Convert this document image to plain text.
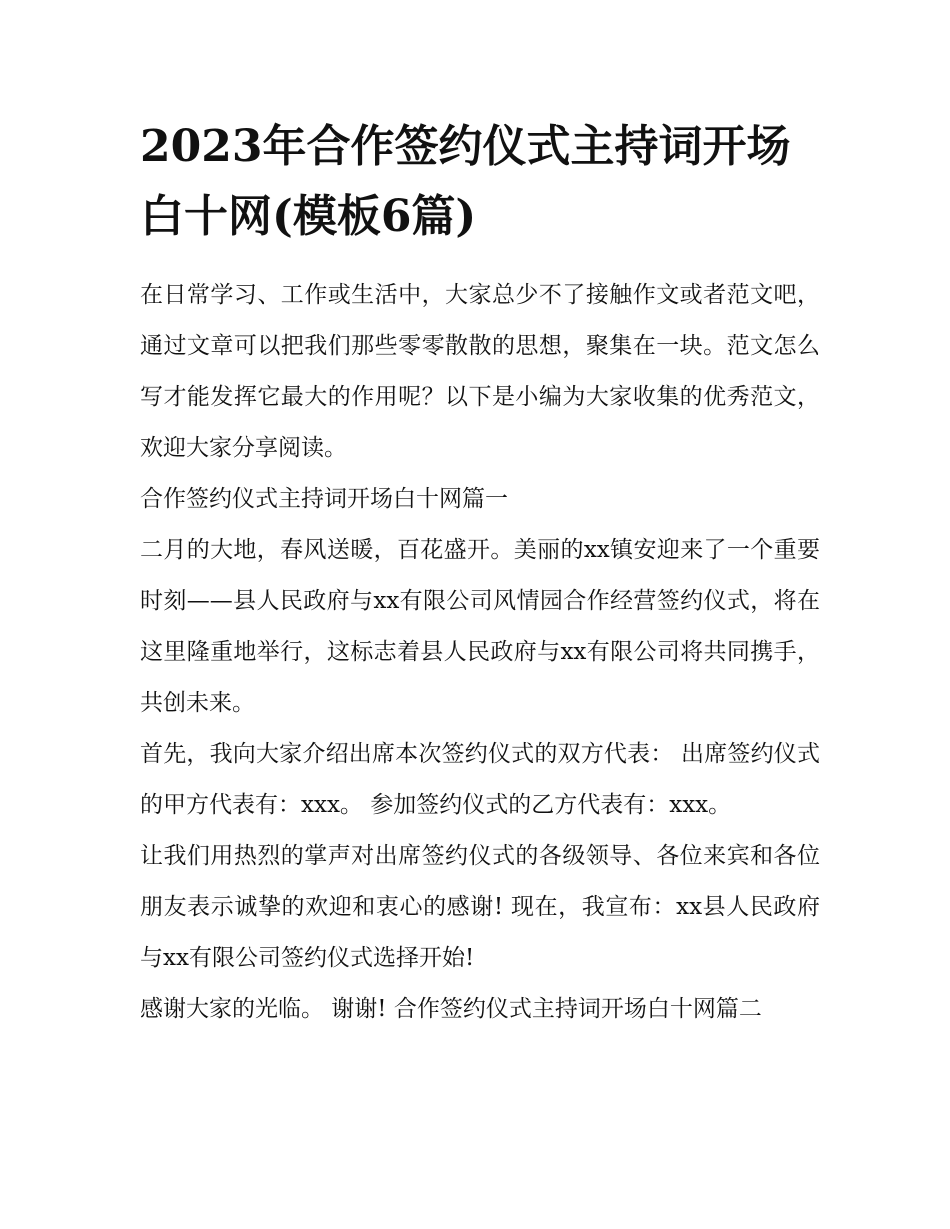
2023年合作签约仪式主持词开场白十网(模板6篇)

在日常学习、工作或生活中，大家总少不了接触作文或者范文吧，通过文章可以把我们那些零零散散的思想，聚集在一块。范文怎么写才能发挥它最大的作用呢？以下是小编为大家收集的优秀范文，欢迎大家分享阅读。

合作签约仪式主持词开场白十网篇一

二月的大地，春风送暖，百花盛开。美丽的xx镇安迎来了一个重要时刻——县人民政府与xx有限公司风情园合作经营签约仪式，将在这里隆重地举行，这标志着县人民政府与xx有限公司将共同携手，共创未来。

首先，我向大家介绍出席本次签约仪式的双方代表： 出席签约仪式的甲方代表有：xxx。 参加签约仪式的乙方代表有：xxx。

让我们用热烈的掌声对出席签约仪式的各级领导、各位来宾和各位朋友表示诚挚的欢迎和衷心的感谢! 现在，我宣布：xx县人民政府与xx有限公司签约仪式选择开始!

感谢大家的光临。 谢谢! 合作签约仪式主持词开场白十网篇二
